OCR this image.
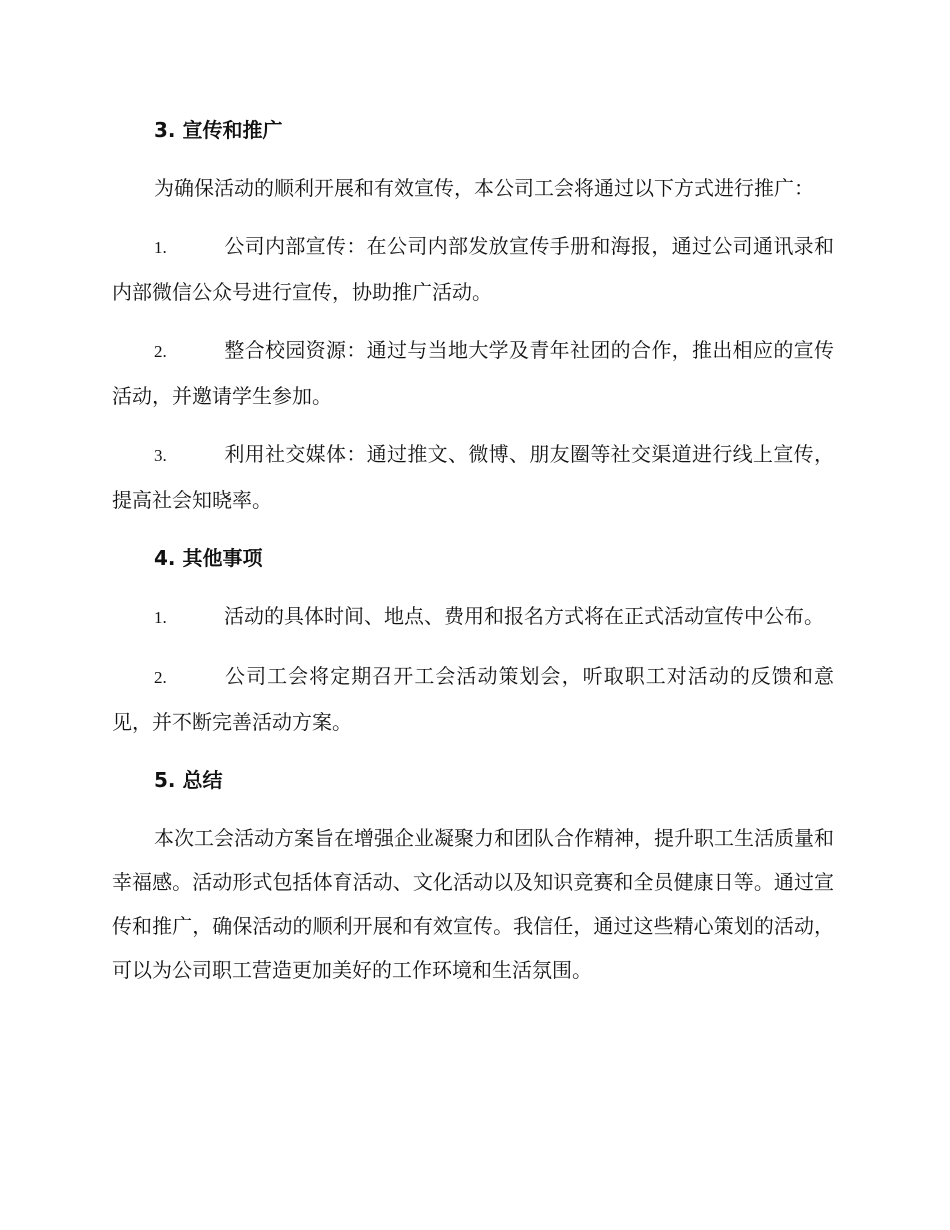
3. 宣传和推广

为确保活动的顺利开展和有效宣传，本公司工会将通过以下方式进行推广：

1.	公司内部宣传：在公司内部发放宣传手册和海报，通过公司通讯录和内部微信公众号进行宣传，协助推广活动。

2.	整合校园资源：通过与当地大学及青年社团的合作，推出相应的宣传活动，并邀请学生参加。

3.	利用社交媒体：通过推文、微博、朋友圈等社交渠道进行线上宣传，提高社会知晓率。

4. 其他事项

1.	活动的具体时间、地点、费用和报名方式将在正式活动宣传中公布。

2.	公司工会将定期召开工会活动策划会，听取职工对活动的反馈和意见，并不断完善活动方案。

5. 总结

本次工会活动方案旨在增强企业凝聚力和团队合作精神，提升职工生活质量和幸福感。活动形式包括体育活动、文化活动以及知识竞赛和全员健康日等。通过宣传和推广，确保活动的顺利开展和有效宣传。我信任，通过这些精心策划的活动，可以为公司职工营造更加美好的工作环境和生活氛围。
